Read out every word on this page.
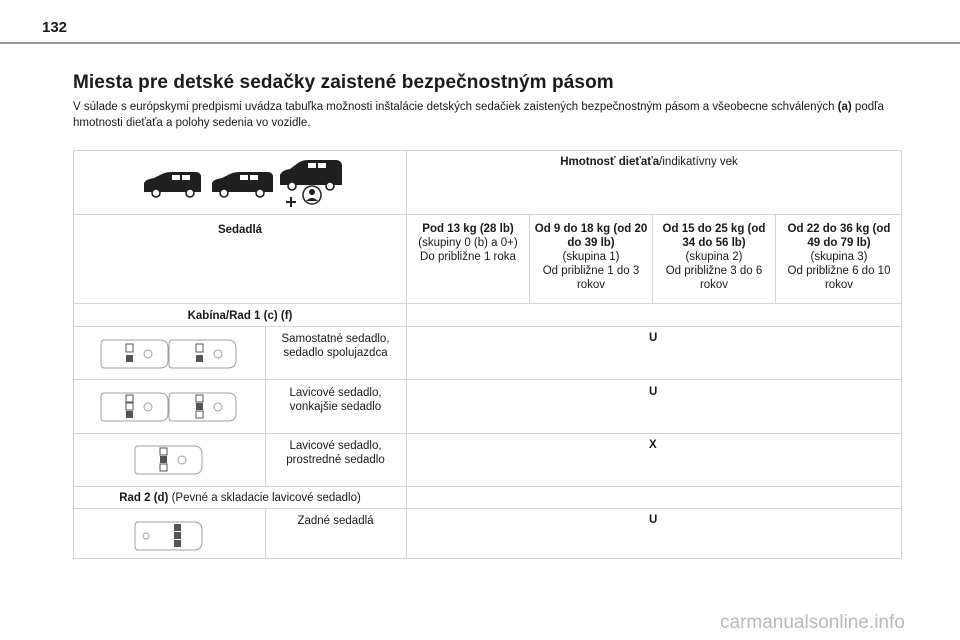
132
Miesta pre detské sedačky zaistené bezpečnostným pásom
V súlade s európskymi predpismi uvádza tabuľka možnosti inštalácie detských sedačiek zaistených bezpečnostným pásom a všeobecne schválených (a) podľa hmotnosti dieťaťa a polohy sedenia vo vozidle.
Hmotnosť dieťaťa/indikatívny vek
Sedadlá	Pod 13 kg (28 lb)
(skupiny 0 (b) a 0+)
Do približne 1 roka
Od 9 do 18 kg (od 20 do 39 lb)
(skupina 1)
Od približne 1 do 3 rokov
Od 15 do 25 kg (od 34 do 56 lb)
(skupina 2)
Od približne 3 do 6 rokov
Od 22 do 36 kg (od 49 do 79 lb)
(skupina 3)
Od približne 6 do 10 rokov
Kabína/Rad 1 (c) (f)
Samostatné sedadlo, sedadlo spolujazdca
U
Lavicové sedadlo, vonkajšie sedadlo
U
Lavicové sedadlo, prostredné sedadlo
X
Rad 2 (d) (Pevné a skladacie lavicové sedadlo)
Zadné sedadlá	U
carmanualsonline.info
